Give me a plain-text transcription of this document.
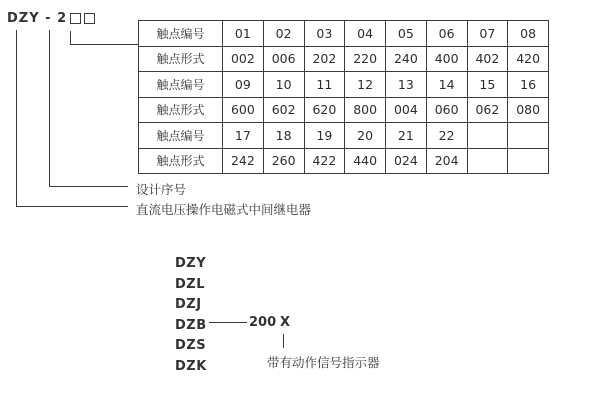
DZY - 2
触点编号	01	02	03	04	05	06	07	08
触点形式	002	006	202	220	240	400	402	420
触点编号	09	10	11	12	13	14	15	16
触点形式	600	602	620	800	004	060	062	080
触点编号	17	18	19	20	21	22		
触点形式	242	260	422	440	024	204		
设计序号
直流电压操作电磁式中间继电器
DZY
DZL
DZJ
DZB
DZS
DZK
200 X
带有动作信号指示器
